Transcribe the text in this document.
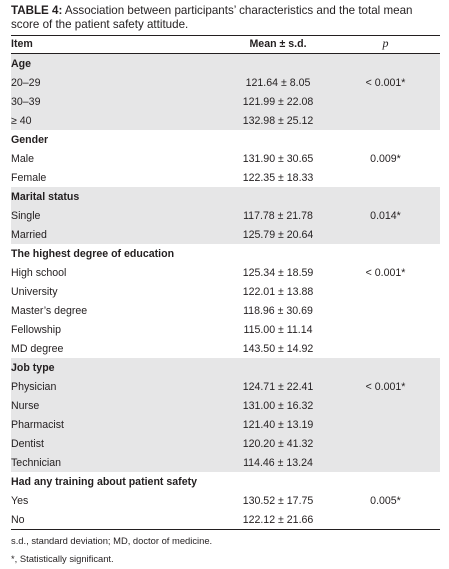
TABLE 4: Association between participants’ characteristics and the total mean score of the patient safety attitude.
Item	Mean ± s.d.	p
Age		
20–29	121.64 ± 8.05	< 0.001*
30–39	121.99 ± 22.08	
≥ 40	132.98 ± 25.12	
Gender		
Male	131.90 ± 30.65	0.009*
Female	122.35 ± 18.33	
Marital status		
Single	117.78 ± 21.78	0.014*
Married	125.79 ± 20.64	
The highest degree of education		
High school	125.34 ± 18.59	< 0.001*
University	122.01 ± 13.88	
Master’s degree	118.96 ± 30.69	
Fellowship	115.00 ± 11.14	
MD degree	143.50 ± 14.92	
Job type		
Physician	124.71 ± 22.41	< 0.001*
Nurse	131.00 ± 16.32	
Pharmacist	121.40 ± 13.19	
Dentist	120.20 ± 41.32	
Technician	114.46 ± 13.24	
Had any training about patient safety		
Yes	130.52 ± 17.75	0.005*
No	122.12 ± 21.66	

s.d., standard deviation; MD, doctor of medicine.

*, Statistically significant.
